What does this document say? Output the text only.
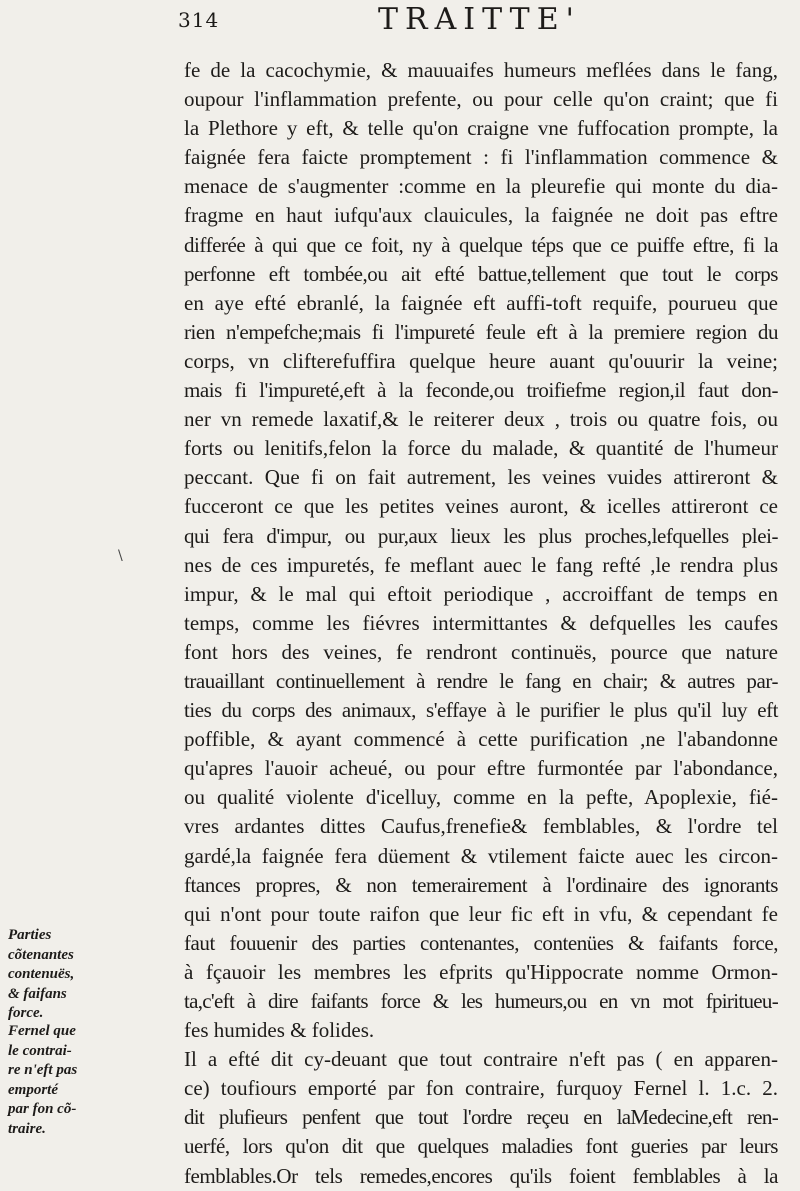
314	TRAITTE'
\
fe de la cacochymie, & mauuaifes humeurs meflées dans le fang,
oupour l'inflammation prefente, ou pour celle qu'on craint; que fi
la Plethore y eft, & telle qu'on craigne vne fuffocation prompte, la
faignée fera faicte promptement : fi l'inflammation commence &
menace de s'augmenter :comme en la pleurefie qui monte du dia-
fragme en haut iufqu'aux clauicules, la faignée ne doit pas eftre
differée à qui que ce foit, ny à quelque téps que ce puiffe eftre, fi la
perfonne eft tombée,ou ait efté battue,tellement que tout le corps
en aye efté ebranlé, la faignée eft auffi-toft requife, pourueu que
rien n'empefche;mais fi l'impureté feule eft à la premiere region du
corps, vn clifterefuffira quelque heure auant qu'ouurir la veine;
mais fi l'impureté,eft à la feconde,ou troifiefme region,il faut don-
ner vn remede laxatif,& le reiterer deux , trois ou quatre fois, ou
forts ou lenitifs,felon la force du malade, & quantité de l'humeur
peccant. Que fi on fait autrement, les veines vuides attireront &
fucceront ce que les petites veines auront, & icelles attireront ce
qui fera d'impur, ou pur,aux lieux les plus proches,lefquelles plei-
nes de ces impuretés, fe meflant auec le fang refté ,le rendra plus
impur, & le mal qui eftoit periodique , accroiffant de temps en
temps, comme les fiévres intermittantes & defquelles les caufes
font hors des veines, fe rendront continuës, pource que nature
trauaillant continuellement à rendre le fang en chair; & autres par-
ties du corps des animaux, s'effaye à le purifier le plus qu'il luy eft
poffible, & ayant commencé à cette purification ,ne l'abandonne
qu'apres l'auoir acheué, ou pour eftre furmontée par l'abondance,
ou qualité violente d'icelluy, comme en la pefte, Apoplexie, fié-
vres ardantes dittes Caufus,frenefie& femblables, & l'ordre tel
gardé,la faignée fera düement & vtilement faicte auec les circon-
ftances propres, & non temerairement à l'ordinaire des ignorants
qui n'ont pour toute raifon que leur fic eft in vfu, & cependant fe
faut fouuenir des parties contenantes, contenües & faifants force,
à fçauoir les membres les efprits qu'Hippocrate nomme Ormon-
ta,c'eft à dire faifants force & les humeurs,ou en vn mot fpiritueu-
fes humides & folides.
Il a efté dit cy-deuant que tout contraire n'eft pas ( en apparen-
ce) toufiours emporté par fon contraire, furquoy Fernel l. 1.c. 2.
dit plufieurs penfent que tout l'ordre reçeu en laMedecine,eft ren-
uerfé, lors qu'on dit que quelques maladies font gueries par leurs
femblables.Or tels remedes,encores qu'ils foient femblables à la
Parties
cõtenantes
contenuës,
& faifans
force.
Fernel que
le contrai-
re n'eft pas
emporté
par fon cõ-
traire.
